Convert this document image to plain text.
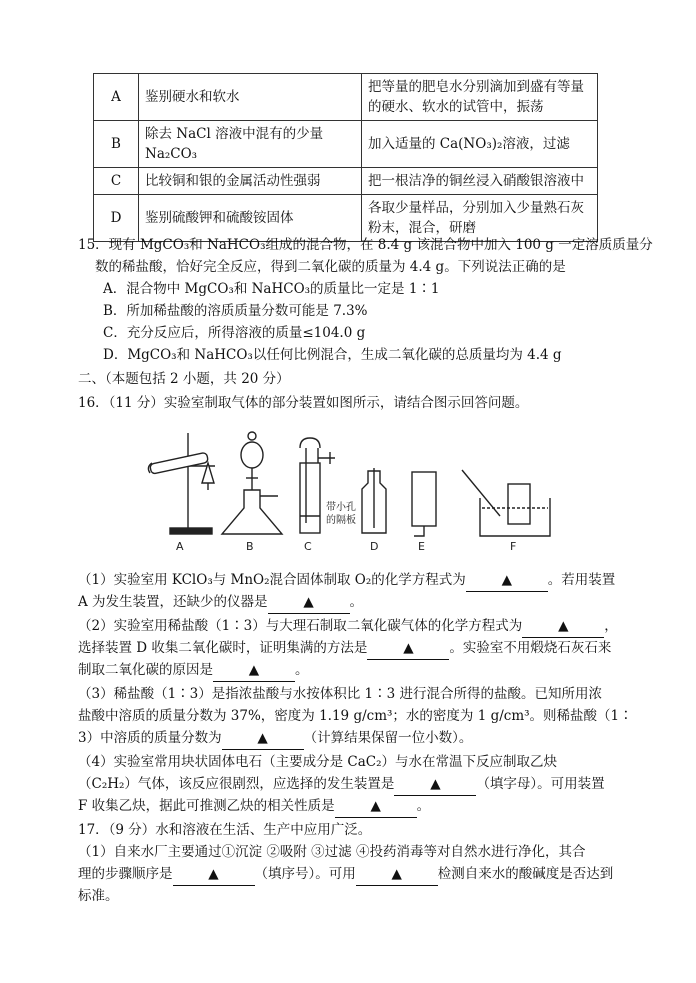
A	鉴别硬水和软水	把等量的肥皂水分别滴加到盛有等量的硬水、软水的试管中，振荡
B	除去 NaCl 溶液中混有的少量 Na₂CO₃	加入适量的 Ca(NO₃)₂溶液，过滤
C	比较铜和银的金属活动性强弱	把一根洁净的铜丝浸入硝酸银溶液中
D	鉴别硫酸钾和硫酸铵固体	各取少量样品，分别加入少量熟石灰粉末，混合，研磨
15．现有 MgCO₃和 NaHCO₃组成的混合物，在 8.4 g 该混合物中加入 100 g 一定溶质质量分
数的稀盐酸，恰好完全反应，得到二氧化碳的质量为 4.4 g。下列说法正确的是
A．混合物中 MgCO₃和 NaHCO₃的质量比一定是 1∶1
B．所加稀盐酸的溶质质量分数可能是 7.3%
C．充分反应后，所得溶液的质量≤104.0 g
D．MgCO₃和 NaHCO₃以任何比例混合，生成二氧化碳的总质量均为 4.4 g
二、（本题包括 2 小题，共 20 分）
16．（11 分）实验室制取气体的部分装置如图所示，请结合图示回答问题。
A	B	C	D	E	F
带小孔
的隔板
（1）实验室用 KClO₃与 MnO₂混合固体制取 O₂的化学方程式为	▲	。若用装置
A 为发生装置，还缺少的仪器是	▲	。
（2）实验室用稀盐酸（1∶3）与大理石制取二氧化碳气体的化学方程式为	▲	，
选择装置 D 收集二氧化碳时，证明集满的方法是	▲	。实验室不用煅烧石灰石来
制取二氧化碳的原因是	▲	。
（3）稀盐酸（1∶3）是指浓盐酸与水按体积比 1∶3 进行混合所得的盐酸。已知所用浓
盐酸中溶质的质量分数为 37%，密度为 1.19 g/cm³；水的密度为 1 g/cm³。则稀盐酸（1∶
3）中溶质的质量分数为	▲	（计算结果保留一位小数）。
（4）实验室常用块状固体电石（主要成分是 CaC₂）与水在常温下反应制取乙炔
（C₂H₂）气体，该反应很剧烈，应选择的发生装置是	▲	（填字母）。可用装置
F 收集乙炔，据此可推测乙炔的相关性质是	▲	。
17．（9 分）水和溶液在生活、生产中应用广泛。
（1）自来水厂主要通过①沉淀 ②吸附 ③过滤 ④投药消毒等对自然水进行净化，其合
理的步骤顺序是	▲	（填序号）。可用	▲	检测自来水的酸碱度是否达到
标准。
